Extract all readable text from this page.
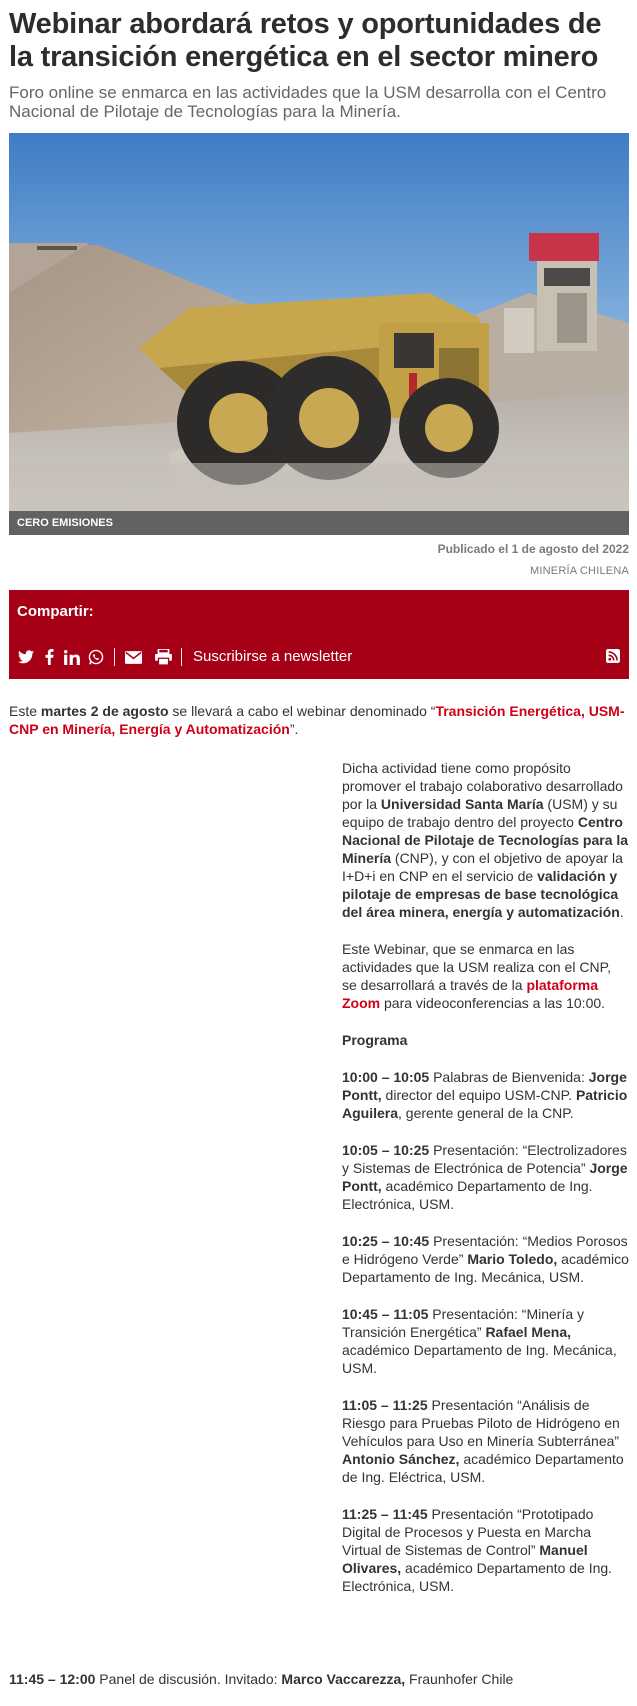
Webinar abordará retos y oportunidades de la transición energética en el sector minero

Foro online se enmarca en las actividades que la USM desarrolla con el Centro Nacional de Pilotaje de Tecnologías para la Minería.

CERO EMISIONES
Publicado el 1 de agosto del 2022
MINERÍA CHILENA
Compartir:
Suscribirse a newsletter
Este martes 2 de agosto se llevará a cabo el webinar denominado “Transición Energética, USM-CNP en Minería, Energía y Automatización”.

Dicha actividad tiene como propósito promover el trabajo colaborativo desarrollado por la Universidad Santa María (USM) y su equipo de trabajo dentro del proyecto Centro Nacional de Pilotaje de Tecnologías para la Minería (CNP), y con el objetivo de apoyar la I+D+i en CNP en el servicio de validación y pilotaje de empresas de base tecnológica del área minera, energía y automatización.

Este Webinar, que se enmarca en las actividades que la USM realiza con el CNP, se desarrollará a través de la plataforma Zoom para videoconferencias a las 10:00.

Programa

10:00 – 10:05 Palabras de Bienvenida: Jorge Pontt, director del equipo USM-CNP. Patricio Aguilera, gerente general de la CNP.

10:05 – 10:25 Presentación: “Electrolizadores y Sistemas de Electrónica de Potencia” Jorge Pontt, académico Departamento de Ing. Electrónica, USM.

10:25 – 10:45 Presentación: “Medios Porosos e Hidrógeno Verde” Mario Toledo, académico Departamento de Ing. Mecánica, USM.

10:45 – 11:05 Presentación: “Minería y Transición Energética” Rafael Mena, académico Departamento de Ing. Mecánica, USM.

11:05 – 11:25 Presentación “Análisis de Riesgo para Pruebas Piloto de Hidrógeno en Vehículos para Uso en Minería Subterránea” Antonio Sánchez, académico Departamento de Ing. Eléctrica, USM.

11:25 – 11:45 Presentación “Prototipado Digital de Procesos y Puesta en Marcha Virtual de Sistemas de Control” Manuel Olivares, académico Departamento de Ing. Electrónica, USM.

11:45 – 12:00 Panel de discusión. Invitado: Marco Vaccarezza, Fraunhofer Chile
